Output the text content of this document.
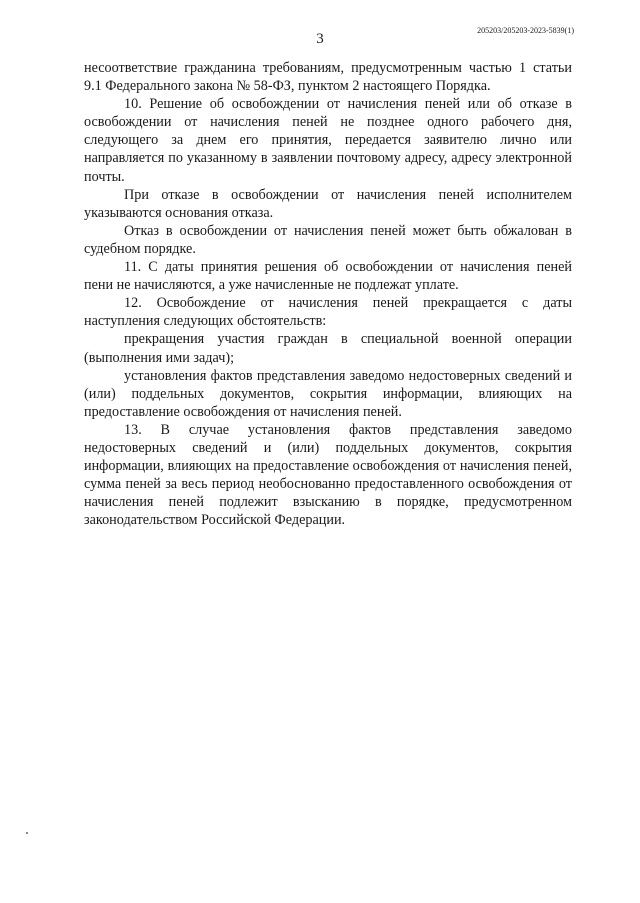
3
205203/205203-2023-5839(1)

несоответствие гражданина требованиям, предусмотренным частью 1 статьи 9.1 Федерального закона № 58-ФЗ, пунктом 2 настоящего Порядка.

10. Решение об освобождении от начисления пеней или об отказе в освобождении от начисления пеней не позднее одного рабочего дня, следующего за днем его принятия, передается заявителю лично или направляется по указанному в заявлении почтовому адресу, адресу электронной почты.

При отказе в освобождении от начисления пеней исполнителем указываются основания отказа.

Отказ в освобождении от начисления пеней может быть обжалован в судебном порядке.

11. С даты принятия решения об освобождении от начисления пеней пени не начисляются, а уже начисленные не подлежат уплате.

12. Освобождение от начисления пеней прекращается с даты наступления следующих обстоятельств:

прекращения участия граждан в специальной военной операции (выполнения ими задач);

установления фактов представления заведомо недостоверных сведений и (или) поддельных документов, сокрытия информации, влияющих на предоставление освобождения от начисления пеней.

13. В случае установления фактов представления заведомо недостоверных сведений и (или) поддельных документов, сокрытия информации, влияющих на предоставление освобождения от начисления пеней, сумма пеней за весь период необоснованно предоставленного освобождения от начисления пеней подлежит взысканию в порядке, предусмотренном законодательством Российской Федерации.
